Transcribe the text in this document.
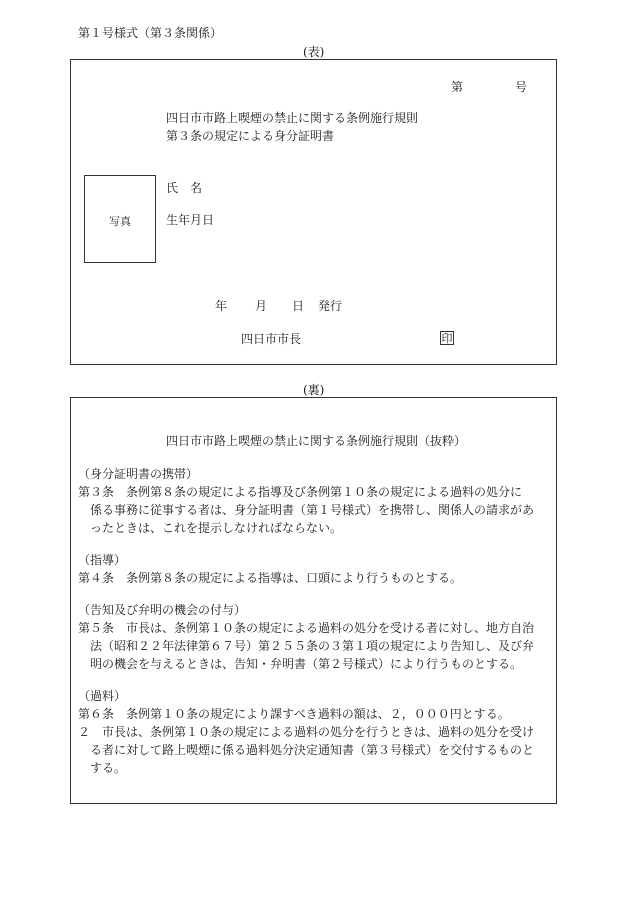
第１号様式（第３条関係）
(表)
第	号
四日市市路上喫煙の禁止に関する条例施行規則
第３条の規定による身分証明書
写真
氏　名
生年月日
年 月 日 発行
四日市市長	印
(裏)
四日市市路上喫煙の禁止に関する条例施行規則（抜粋）
（身分証明書の携帯）
第３条　条例第８条の規定による指導及び条例第１０条の規定による過料の処分に
係る事務に従事する者は、身分証明書（第１号様式）を携帯し、関係人の請求があ
ったときは、これを提示しなければならない。
（指導）
第４条　条例第８条の規定による指導は、口頭により行うものとする。
（告知及び弁明の機会の付与）
第５条　市長は、条例第１０条の規定による過料の処分を受ける者に対し、地方自治
法（昭和２２年法律第６７号）第２５５条の３第１項の規定により告知し、及び弁
明の機会を与えるときは、告知・弁明書（第２号様式）により行うものとする。
（過料）
第６条　条例第１０条の規定により課すべき過料の額は、２，０００円とする。
２　市長は、条例第１０条の規定による過料の処分を行うときは、過料の処分を受け
る者に対して路上喫煙に係る過料処分決定通知書（第３号様式）を交付するものと
する。
